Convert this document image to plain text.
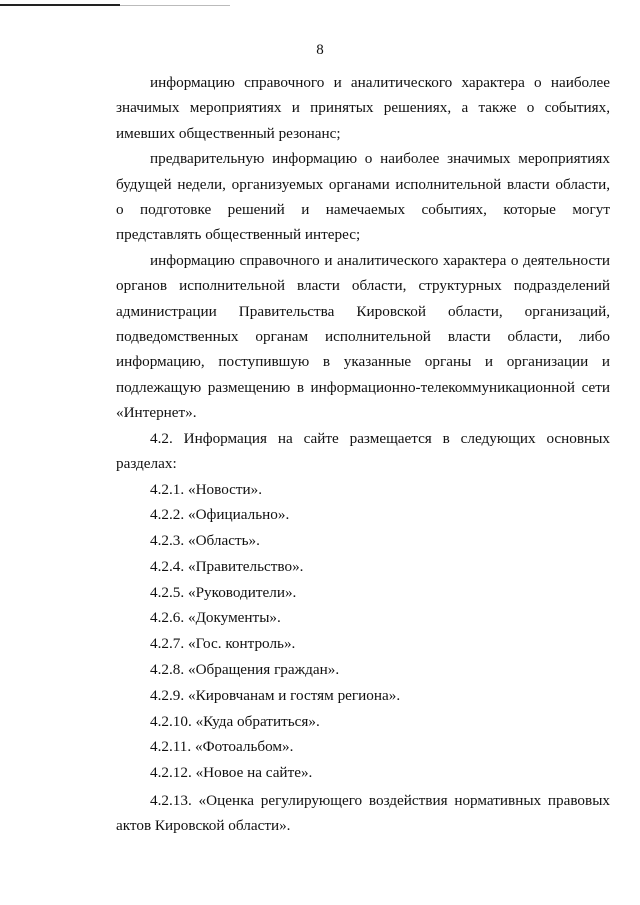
8

информацию справочного и аналитического характера о наиболее значимых мероприятиях и принятых решениях, а также о событиях, имевших общественный резонанс;

предварительную информацию о наиболее значимых мероприятиях будущей недели, организуемых органами исполнительной власти области, о подготовке решений и намечаемых событиях, которые могут представлять общественный интерес;

информацию справочного и аналитического характера о деятельности органов исполнительной власти области, структурных подразделений администрации Правительства Кировской области, организаций, подведомственных органам исполнительной власти области, либо информацию, поступившую в указанные органы и организации и подлежащую размещению в информационно-телекоммуникационной сети «Интернет».

4.2. Информация на сайте размещается в следующих основных разделах:

4.2.1. «Новости».
4.2.2. «Официально».
4.2.3. «Область».
4.2.4. «Правительство».
4.2.5. «Руководители».
4.2.6. «Документы».
4.2.7. «Гос. контроль».
4.2.8. «Обращения граждан».
4.2.9. «Кировчанам и гостям региона».
4.2.10. «Куда обратиться».
4.2.11. «Фотоальбом».
4.2.12. «Новое на сайте».

4.2.13. «Оценка регулирующего воздействия нормативных правовых актов Кировской области».
